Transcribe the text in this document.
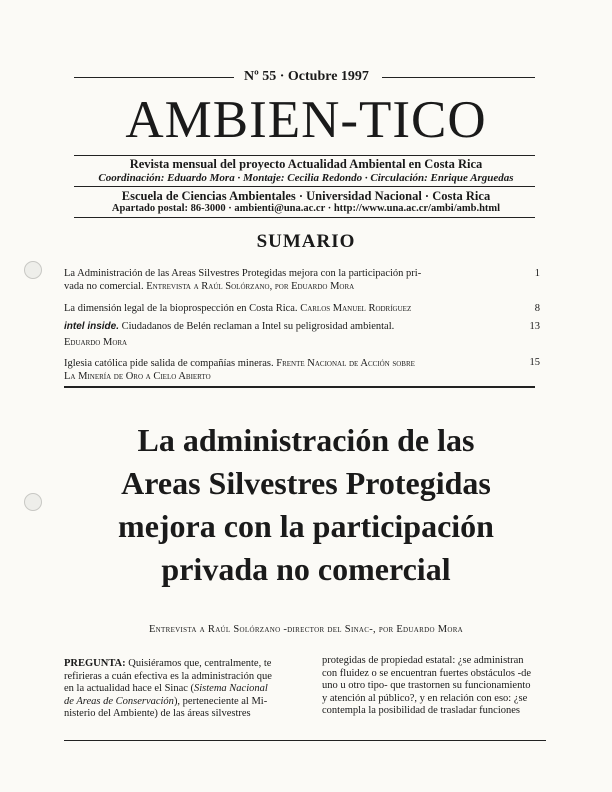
Nº 55 · Octubre 1997
AMBIEN-TICO
Revista mensual del proyecto Actualidad Ambiental en Costa Rica
Coordinación: Eduardo Mora · Montaje: Cecilia Redondo · Circulación: Enrique Arguedas
Escuela de Ciencias Ambientales · Universidad Nacional · Costa Rica
Apartado postal: 86-3000 · ambienti@una.ac.cr · http://www.una.ac.cr/ambi/amb.html
SUMARIO
La Administración de las Areas Silvestres Protegidas mejora con la participación pri-
vada no comercial. Entrevista a Raúl Solórzano, por Eduardo Mora
1
La dimensión legal de la bioprospección en Costa Rica. Carlos Manuel Rodríguez	8
intel inside. Ciudadanos de Belén reclaman a Intel su peligrosidad ambiental.
Eduardo Mora
13
Iglesia católica pide salida de compañías mineras. Frente Nacional de Acción sobre
La Minería de Oro a Cielo Abierto
15
La administración de las
Areas Silvestres Protegidas
mejora con la participación
privada no comercial
Entrevista a Raúl Solórzano -director del Sinac-, por Eduardo Mora
PREGUNTA: Quisiéramos que, centralmente, te
refirieras a cuán efectiva es la administración que
en la actualidad hace el Sinac (Sistema Nacional
de Areas de Conservación), perteneciente al Mi-
nisterio del Ambiente) de las áreas silvestres
protegidas de propiedad estatal: ¿se administran
con fluidez o se encuentran fuertes obstáculos -de
uno u otro tipo- que trastornen su funcionamiento
y atención al público?, y en relación con eso: ¿se
contempla la posibilidad de trasladar funciones
